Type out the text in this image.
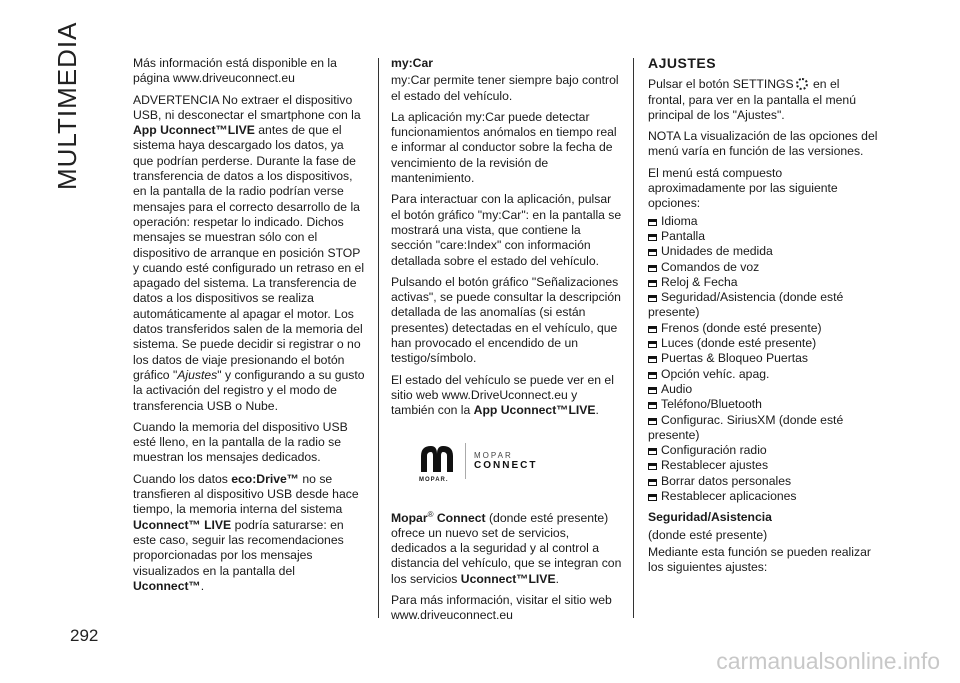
MULTIMEDIA
292

Más información está disponible en la página www.driveuconnect.eu

ADVERTENCIA No extraer el dispositivo USB, ni desconectar el smartphone con la App Uconnect™LIVE antes de que el sistema haya descargado los datos, ya que podrían perderse. Durante la fase de transferencia de datos a los dispositivos, en la pantalla de la radio podrían verse mensajes para el correcto desarrollo de la operación: respetar lo indicado. Dichos mensajes se muestran sólo con el dispositivo de arranque en posición STOP y cuando esté configurado un retraso en el apagado del sistema. La transferencia de datos a los dispositivos se realiza automáticamente al apagar el motor. Los datos transferidos salen de la memoria del sistema. Se puede decidir si registrar o no los datos de viaje presionando el botón gráfico "Ajustes" y configurando a su gusto la activación del registro y el modo de transferencia USB o Nube.

Cuando la memoria del dispositivo USB esté lleno, en la pantalla de la radio se muestran los mensajes dedicados.

Cuando los datos eco:Drive™ no se transfieren al dispositivo USB desde hace tiempo, la memoria interna del sistema Uconnect™ LIVE podría saturarse: en este caso, seguir las recomendaciones proporcionadas por los mensajes visualizados en la pantalla del Uconnect™.

my:Car

my:Car permite tener siempre bajo control el estado del vehículo.

La aplicación my:Car puede detectar funcionamientos anómalos en tiempo real e informar al conductor sobre la fecha de vencimiento de la revisión de mantenimiento.

Para interactuar con la aplicación, pulsar el botón gráfico "my:Car": en la pantalla se mostrará una vista, que contiene la sección "care:Index" con información detallada sobre el estado del vehículo.

Pulsando el botón gráfico "Señalizaciones activas", se puede consultar la descripción detallada de las anomalías (si están presentes) detectadas en el vehículo, que han provocado el encendido de un testigo/símbolo.

El estado del vehículo se puede ver en el sitio web www.DriveUconnect.eu y también con la App Uconnect™LIVE.

MOPAR.
MOPAR
CONNECT

Mopar® Connect (donde esté presente) ofrece un nuevo set de servicios, dedicados a la seguridad y al control a distancia del vehículo, que se integran con los servicios Uconnect™LIVE.

Para más información, visitar el sitio web www.driveuconnect.eu

AJUSTES

Pulsar el botón SETTINGS en el frontal, para ver en la pantalla el menú principal de los "Ajustes".

NOTA La visualización de las opciones del menú varía en función de las versiones.

El menú está compuesto aproximadamente por las siguiente opciones:

Idioma
Pantalla
Unidades de medida
Comandos de voz
Reloj & Fecha
Seguridad/Asistencia (donde esté presente)
Frenos (donde esté presente)
Luces (donde esté presente)
Puertas & Bloqueo Puertas
Opción vehíc. apag.
Audio
Teléfono/Bluetooth
Configurac. SiriusXM (donde esté presente)
Configuración radio
Restablecer ajustes
Borrar datos personales
Restablecer aplicaciones

Seguridad/Asistencia

(donde esté presente)

Mediante esta función se pueden realizar los siguientes ajustes:

carmanualsonline.info
